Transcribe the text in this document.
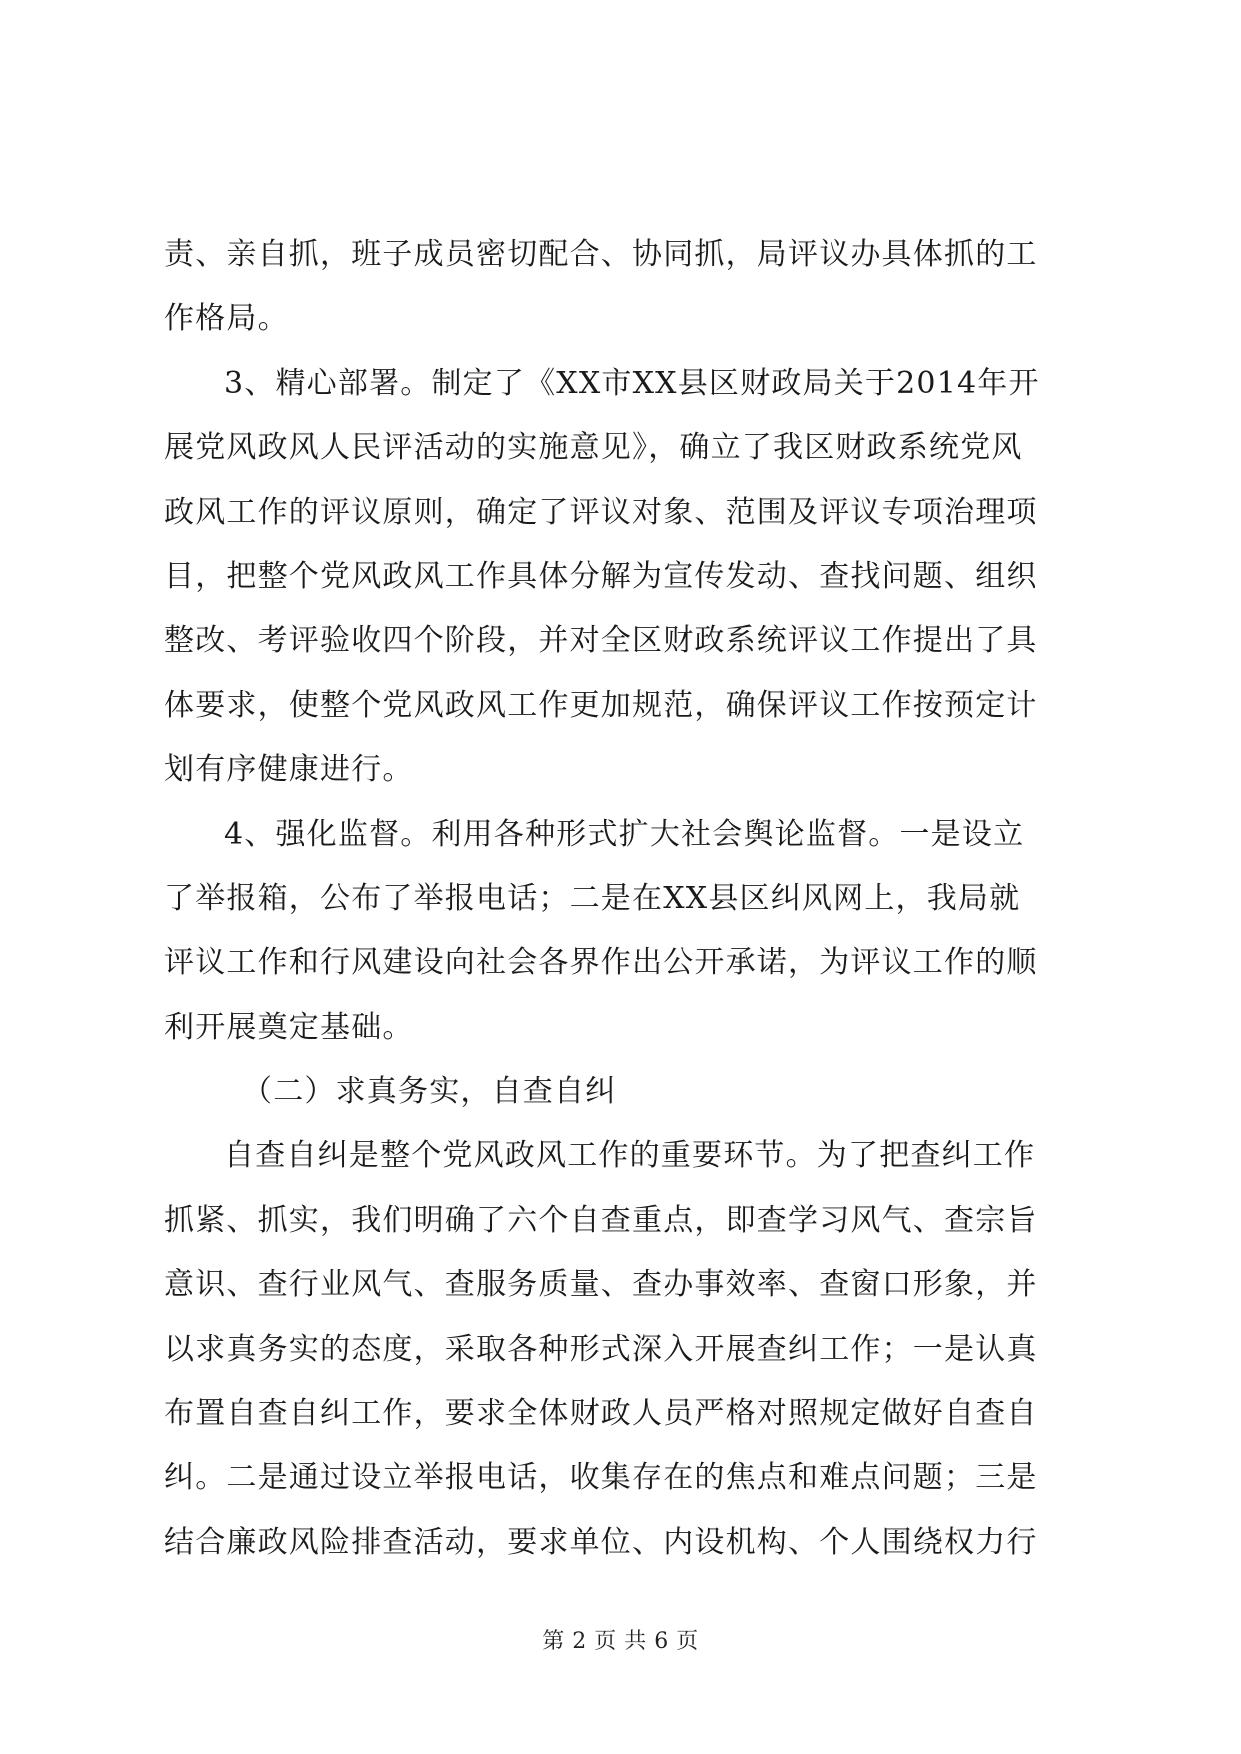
责、亲自抓，班子成员密切配合、协同抓，局评议办具体抓的工
作格局。
3、精心部署。制定了《XX市XX县区财政局关于2014年开
展党风政风人民评活动的实施意见》，确立了我区财政系统党风
政风工作的评议原则，确定了评议对象、范围及评议专项治理项
目，把整个党风政风工作具体分解为宣传发动、查找问题、组织
整改、考评验收四个阶段，并对全区财政系统评议工作提出了具
体要求，使整个党风政风工作更加规范，确保评议工作按预定计
划有序健康进行。
4、强化监督。利用各种形式扩大社会舆论监督。一是设立
了举报箱，公布了举报电话；二是在XX县区纠风网上，我局就
评议工作和行风建设向社会各界作出公开承诺，为评议工作的顺
利开展奠定基础。
（二）求真务实，自查自纠
自查自纠是整个党风政风工作的重要环节。为了把查纠工作
抓紧、抓实，我们明确了六个自查重点，即查学习风气、查宗旨
意识、查行业风气、查服务质量、查办事效率、查窗口形象，并
以求真务实的态度，采取各种形式深入开展查纠工作；一是认真
布置自查自纠工作，要求全体财政人员严格对照规定做好自查自
纠。二是通过设立举报电话，收集存在的焦点和难点问题；三是
结合廉政风险排查活动，要求单位、内设机构、个人围绕权力行
第 2 页 共 6 页
